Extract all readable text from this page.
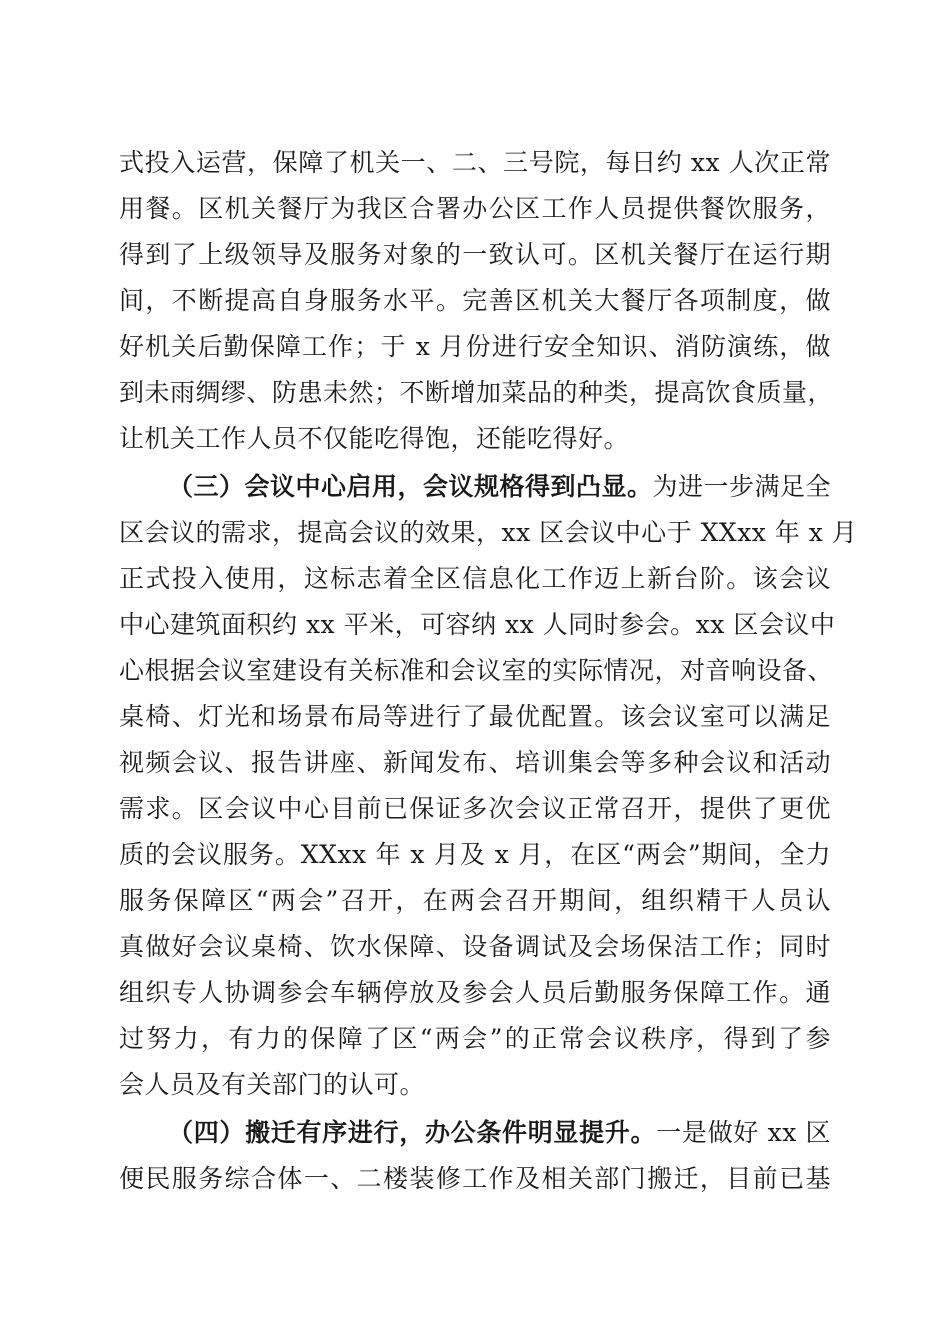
式投入运营，保障了机关一、二、三号院，每日约 xx 人次正常
用餐。区机关餐厅为我区合署办公区工作人员提供餐饮服务，
得到了上级领导及服务对象的一致认可。区机关餐厅在运行期
间，不断提高自身服务水平。完善区机关大餐厅各项制度，做
好机关后勤保障工作；于 x 月份进行安全知识、消防演练，做
到未雨绸缪、防患未然；不断增加菜品的种类，提高饮食质量，
让机关工作人员不仅能吃得饱，还能吃得好。
（三）会议中心启用，会议规格得到凸显。为进一步满足全
区会议的需求，提高会议的效果，xx 区会议中心于 XXxx 年 x 月
正式投入使用，这标志着全区信息化工作迈上新台阶。该会议
中心建筑面积约 xx 平米，可容纳 xx 人同时参会。xx 区会议中
心根据会议室建设有关标准和会议室的实际情况，对音响设备、
桌椅、灯光和场景布局等进行了最优配置。该会议室可以满足
视频会议、报告讲座、新闻发布、培训集会等多种会议和活动
需求。区会议中心目前已保证多次会议正常召开，提供了更优
质的会议服务。XXxx 年 x 月及 x 月，在区“两会”期间，全力
服务保障区“两会”召开，在两会召开期间，组织精干人员认
真做好会议桌椅、饮水保障、设备调试及会场保洁工作；同时
组织专人协调参会车辆停放及参会人员后勤服务保障工作。通
过努力，有力的保障了区“两会”的正常会议秩序，得到了参
会人员及有关部门的认可。
（四）搬迁有序进行，办公条件明显提升。一是做好 xx 区
便民服务综合体一、二楼装修工作及相关部门搬迁，目前已基
